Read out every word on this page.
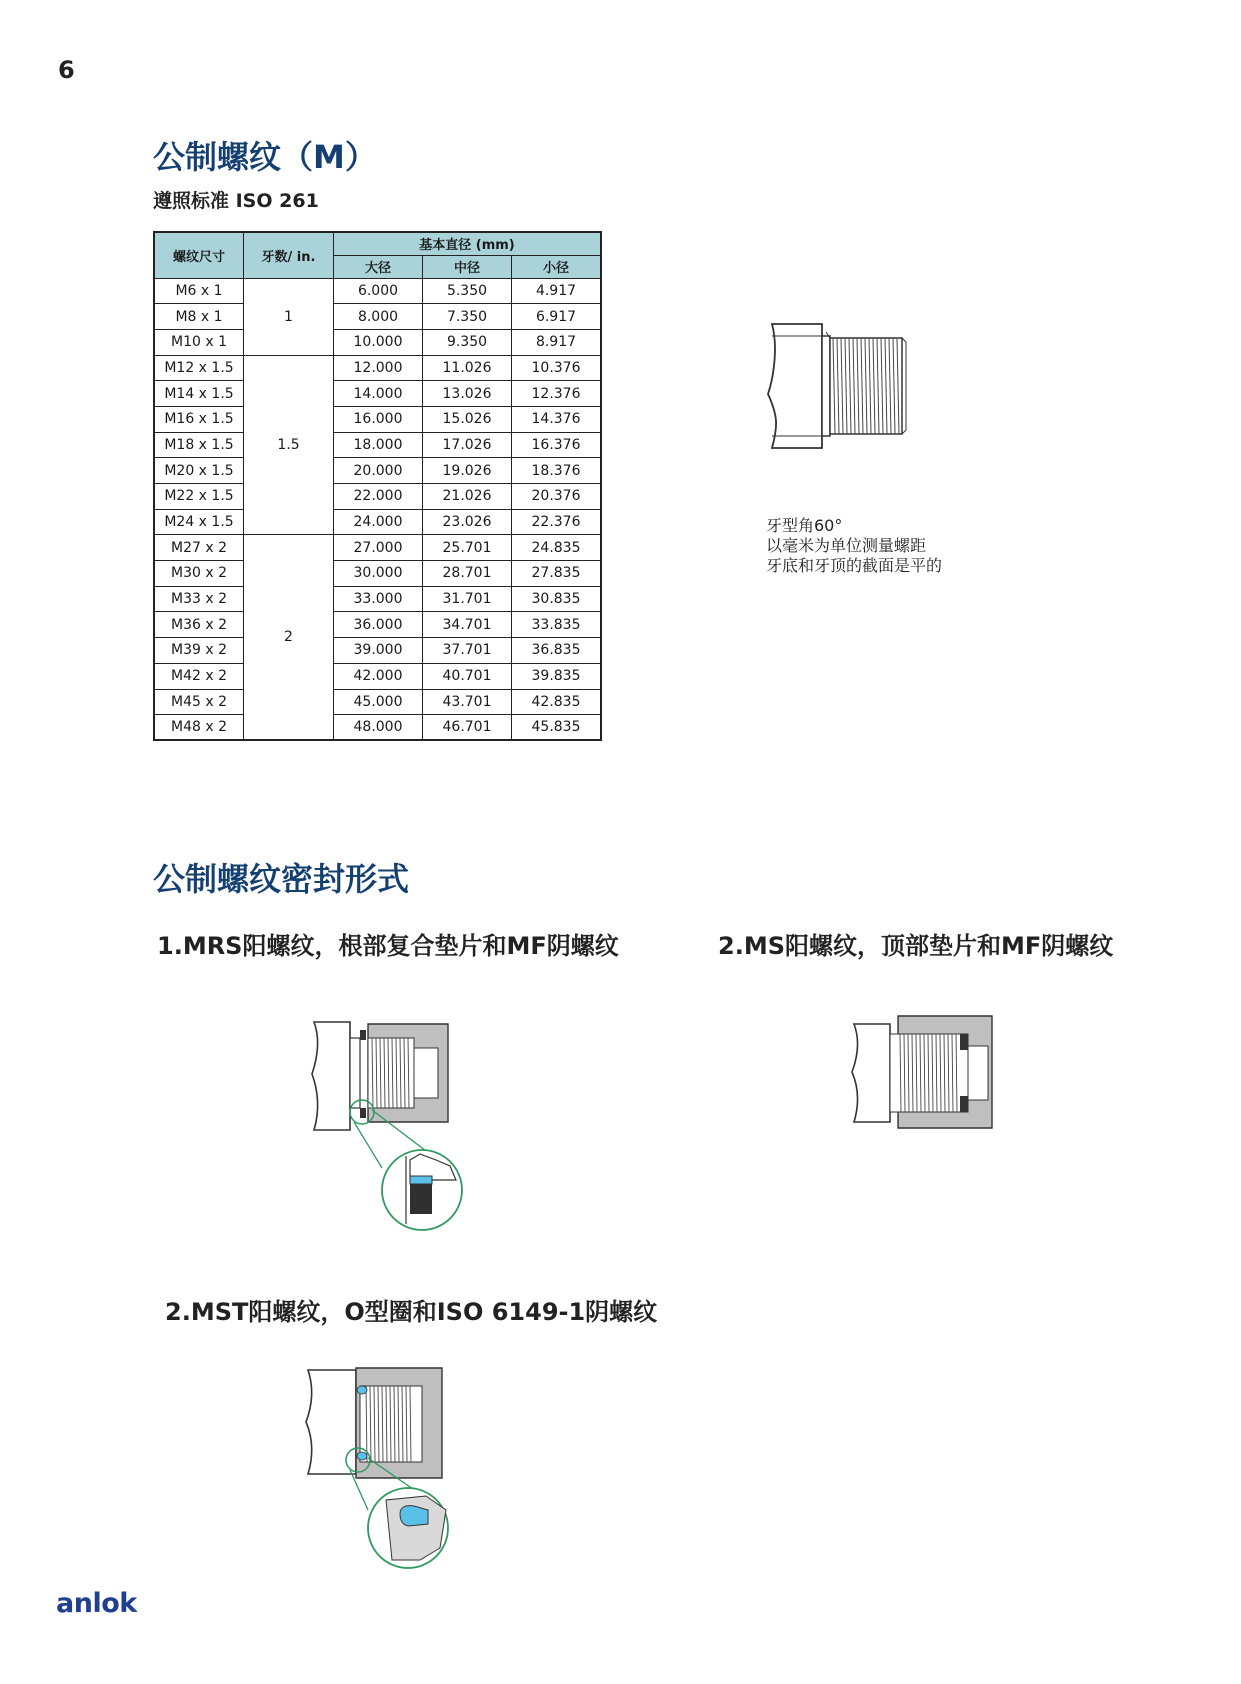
6
公制螺纹（M）
遵照标准 ISO 261
螺纹尺寸	牙数/ in.	基本直径 (mm)		
		大径	中径	小径
M6 x 1	1	6.000	5.350	4.917
M8 x 1		8.000	7.350	6.917
M10 x 1		10.000	9.350	8.917
M12 x 1.5	1.5	12.000	11.026	10.376
M14 x 1.5		14.000	13.026	12.376
M16 x 1.5		16.000	15.026	14.376
M18 x 1.5		18.000	17.026	16.376
M20 x 1.5		20.000	19.026	18.376
M22 x 1.5		22.000	21.026	20.376
M24 x 1.5		24.000	23.026	22.376
M27 x 2	2	27.000	25.701	24.835
M30 x 2		30.000	28.701	27.835
M33 x 2		33.000	31.701	30.835
M36 x 2		36.000	34.701	33.835
M39 x 2		39.000	37.701	36.835
M42 x 2		42.000	40.701	39.835
M45 x 2		45.000	43.701	42.835
M48 x 2		48.000	46.701	45.835
牙型角60°
以毫米为单位测量螺距
牙底和牙顶的截面是平的
公制螺纹密封形式
1.MRS阳螺纹，根部复合垫片和MF阴螺纹	2.MS阳螺纹，顶部垫片和MF阴螺纹
2.MST阳螺纹，O型圈和ISO 6149-1阴螺纹
anlok
